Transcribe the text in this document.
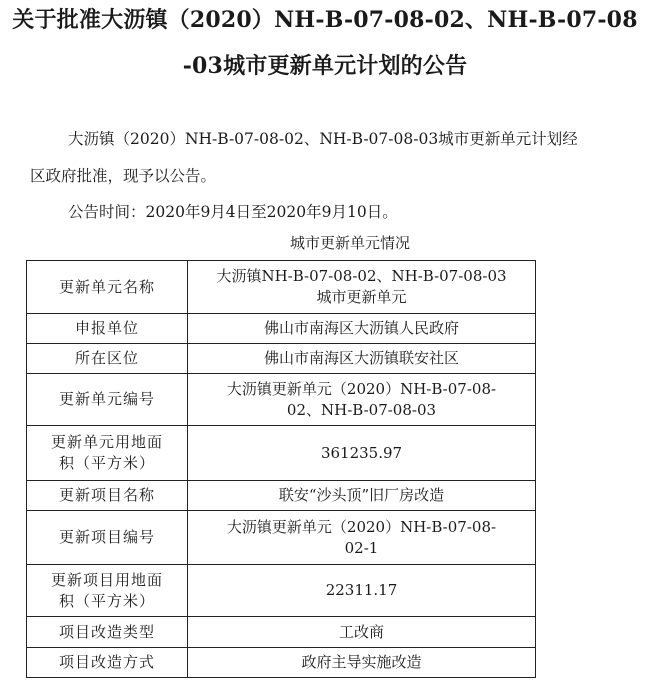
关于批准大沥镇（2020）NH-B-07-08-02、NH-B-07-08
-03城市更新单元计划的公告
大沥镇（2020）NH-B-07-08-02、NH-B-07-08-03城市更新单元计划经
区政府批准，现予以公告。
公告时间：2020年9月4日至2020年9月10日。
城市更新单元情况
更新单元名称	大沥镇NH-B-07-08-02、NH-B-07-08-03
城市更新单元

申报单位	佛山市南海区大沥镇人民政府

所在区位	佛山市南海区大沥镇联安社区

更新单元编号	大沥镇更新单元（2020）NH-B-07-08-
02、NH-B-07-08-03

更新单元用地面
积（平方米）	361235.97

更新项目名称	联安“沙头顶”旧厂房改造

更新项目编号	大沥镇更新单元（2020）NH-B-07-08-
02-1

更新项目用地面
积（平方米）	22311.17

项目改造类型	工改商

项目改造方式	政府主导实施改造
